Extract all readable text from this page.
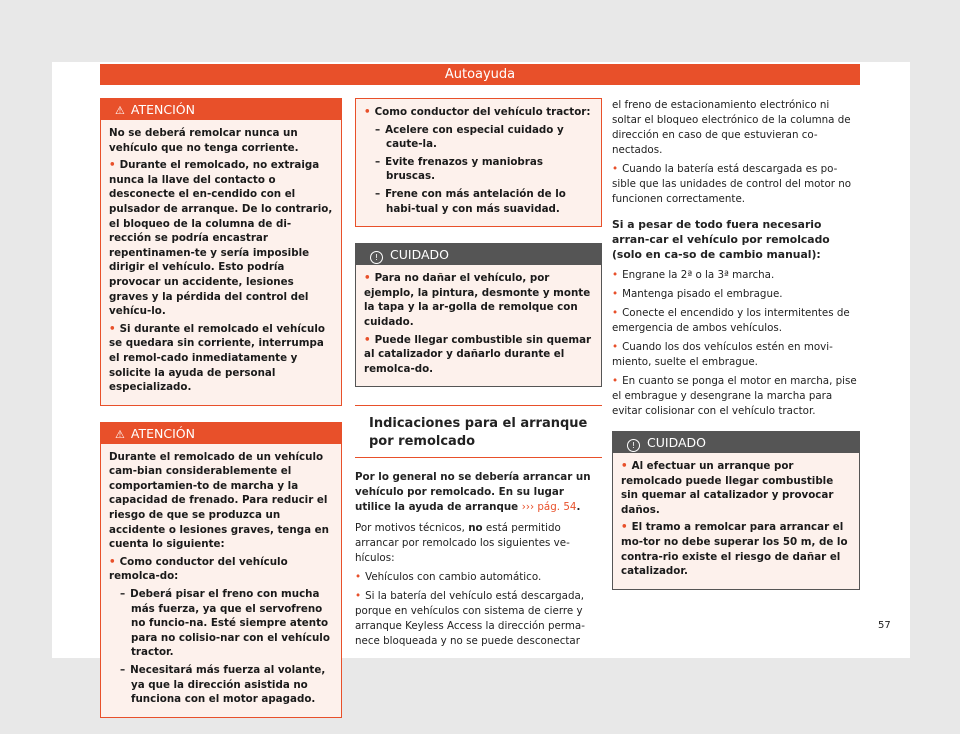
Autoayuda
⚠ ATENCIÓN

No se deberá remolcar nunca un vehículo que no tenga corriente.

• Durante el remolcado, no extraiga nunca la llave del contacto o desconecte el en-cendido con el pulsador de arranque. De lo contrario, el bloqueo de la columna de di-rección se podría encastrar repentinamen-te y sería imposible dirigir el vehículo. Esto podría provocar un accidente, lesiones graves y la pérdida del control del vehícu-lo.

• Si durante el remolcado el vehículo se quedara sin corriente, interrumpa el remol-cado inmediatamente y solicite la ayuda de personal especializado.

⚠ ATENCIÓN

Durante el remolcado de un vehículo cam-bian considerablemente el comportamien-to de marcha y la capacidad de frenado. Para reducir el riesgo de que se produzca un accidente o lesiones graves, tenga en cuenta lo siguiente:

• Como conductor del vehículo remolca-do:

– Deberá pisar el freno con mucha más fuerza, ya que el servofreno no funcio-na. Esté siempre atento para no colisio-nar con el vehículo tractor.

– Necesitará más fuerza al volante, ya que la dirección asistida no funciona con el motor apagado.

• Como conductor del vehículo tractor:

– Acelere con especial cuidado y caute-la.

– Evite frenazos y maniobras bruscas.

– Frene con más antelación de lo habi-tual y con más suavidad.

! CUIDADO

• Para no dañar el vehículo, por ejemplo, la pintura, desmonte y monte la tapa y la ar-golla de remolque con cuidado.

• Puede llegar combustible sin quemar al catalizador y dañarlo durante el remolca-do.

Indicaciones para el arranque por remolcado

Por lo general no se debería arrancar un vehículo por remolcado. En su lugar utilice la ayuda de arranque ››› pág. 54.

Por motivos técnicos, no está permitido arrancar por remolcado los siguientes ve-hículos:

• Vehículos con cambio automático.

• Si la batería del vehículo está descargada, porque en vehículos con sistema de cierre y arranque Keyless Access la dirección perma-nece bloqueada y no se puede desconectar

el freno de estacionamiento electrónico ni soltar el bloqueo electrónico de la columna de dirección en caso de que estuvieran co-nectados.

• Cuando la batería está descargada es po-sible que las unidades de control del motor no funcionen correctamente.

Si a pesar de todo fuera necesario arran-car el vehículo por remolcado (solo en ca-so de cambio manual):

• Engrane la 2ª o la 3ª marcha.

• Mantenga pisado el embrague.

• Conecte el encendido y los intermitentes de emergencia de ambos vehículos.

• Cuando los dos vehículos estén en movi-miento, suelte el embrague.

• En cuanto se ponga el motor en marcha, pise el embrague y desengrane la marcha para evitar colisionar con el vehículo tractor.

! CUIDADO

• Al efectuar un arranque por remolcado puede llegar combustible sin quemar al catalizador y provocar daños.

• El tramo a remolcar para arrancar el mo-tor no debe superar los 50 m, de lo contra-rio existe el riesgo de dañar el catalizador.

57
